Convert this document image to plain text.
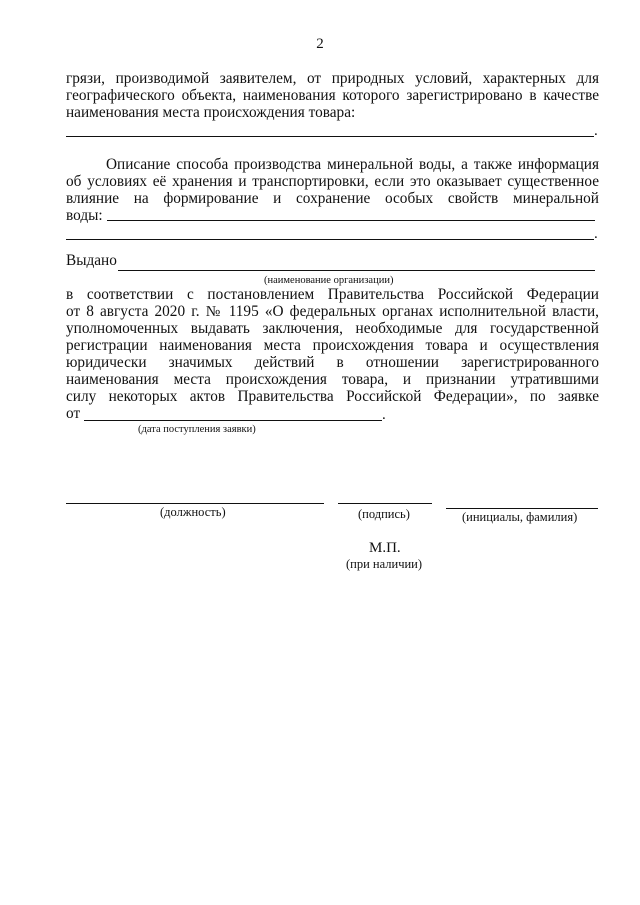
2
грязи, производимой заявителем, от природных условий, характерных для
географического объекта, наименования которого зарегистрировано в качестве
наименования места происхождения товара:
.
Описание способа производства минеральной воды, а также информация
об условиях её хранения и транспортировки, если это оказывает существенное
влияние на формирование и сохранение особых свойств минеральной
воды:
.
Выдано
(наименование организации)
в соответствии с постановлением Правительства Российской Федерации
от 8 августа 2020 г. № 1195 «О федеральных органах исполнительной власти,
уполномоченных выдавать заключения, необходимые для государственной
регистрации наименования места происхождения товара и осуществления
юридически значимых действий в отношении зарегистрированного
наименования места происхождения товара, и признании утратившими
силу некоторых актов Правительства Российской Федерации», по заявке
от	.
(дата поступления заявки)
(должность)	(подпись)	(инициалы, фамилия)
М.П.
(при наличии)
